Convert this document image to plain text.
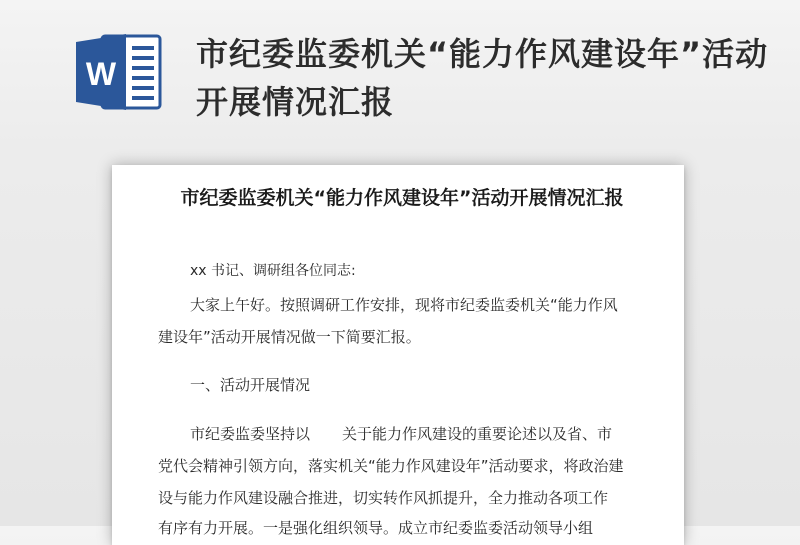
W
市纪委监委机关“能力作风建设年”活动开展情况汇报
市纪委监委机关“能力作风建设年”活动开展情况汇报
xx 书记、调研组各位同志:
大家上午好。按照调研工作安排，现将市纪委监委机关“能力作风
建设年”活动开展情况做一下简要汇报。
一、活动开展情况
市纪委监委坚持以 关于能力作风建设的重要论述以及省、市
党代会精神引领方向，落实机关“能力作风建设年”活动要求，将政治建
设与能力作风建设融合推进，切实转作风抓提升，全力推动各项工作
有序有力开展。一是强化组织领导。成立市纪委监委活动领导小组
